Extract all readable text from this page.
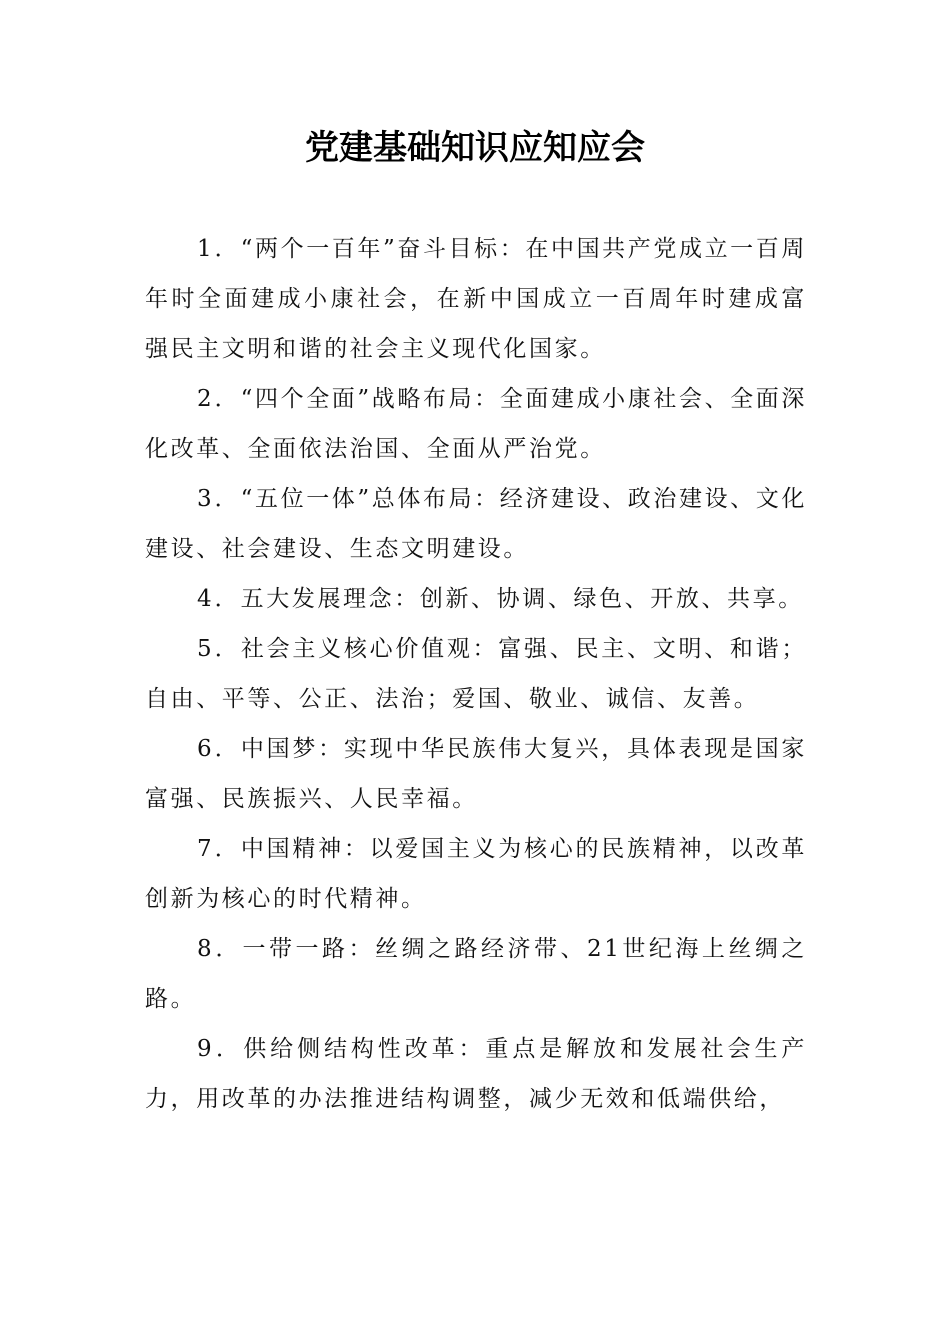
党建基础知识应知应会

1．“两个一百年”奋斗目标：在中国共产党成立一百周年时全面建成小康社会，在新中国成立一百周年时建成富强民主文明和谐的社会主义现代化国家。

2．“四个全面”战略布局：全面建成小康社会、全面深化改革、全面依法治国、全面从严治党。

3．“五位一体”总体布局：经济建设、政治建设、文化建设、社会建设、生态文明建设。

4．五大发展理念：创新、协调、绿色、开放、共享。

5．社会主义核心价值观：富强、民主、文明、和谐；自由、平等、公正、法治；爱国、敬业、诚信、友善。

6．中国梦：实现中华民族伟大复兴，具体表现是国家富强、民族振兴、人民幸福。

7．中国精神：以爱国主义为核心的民族精神，以改革创新为核心的时代精神。

8．一带一路：丝绸之路经济带、21世纪海上丝绸之路。

9．供给侧结构性改革：重点是解放和发展社会生产力，用改革的办法推进结构调整，减少无效和低端供给，
